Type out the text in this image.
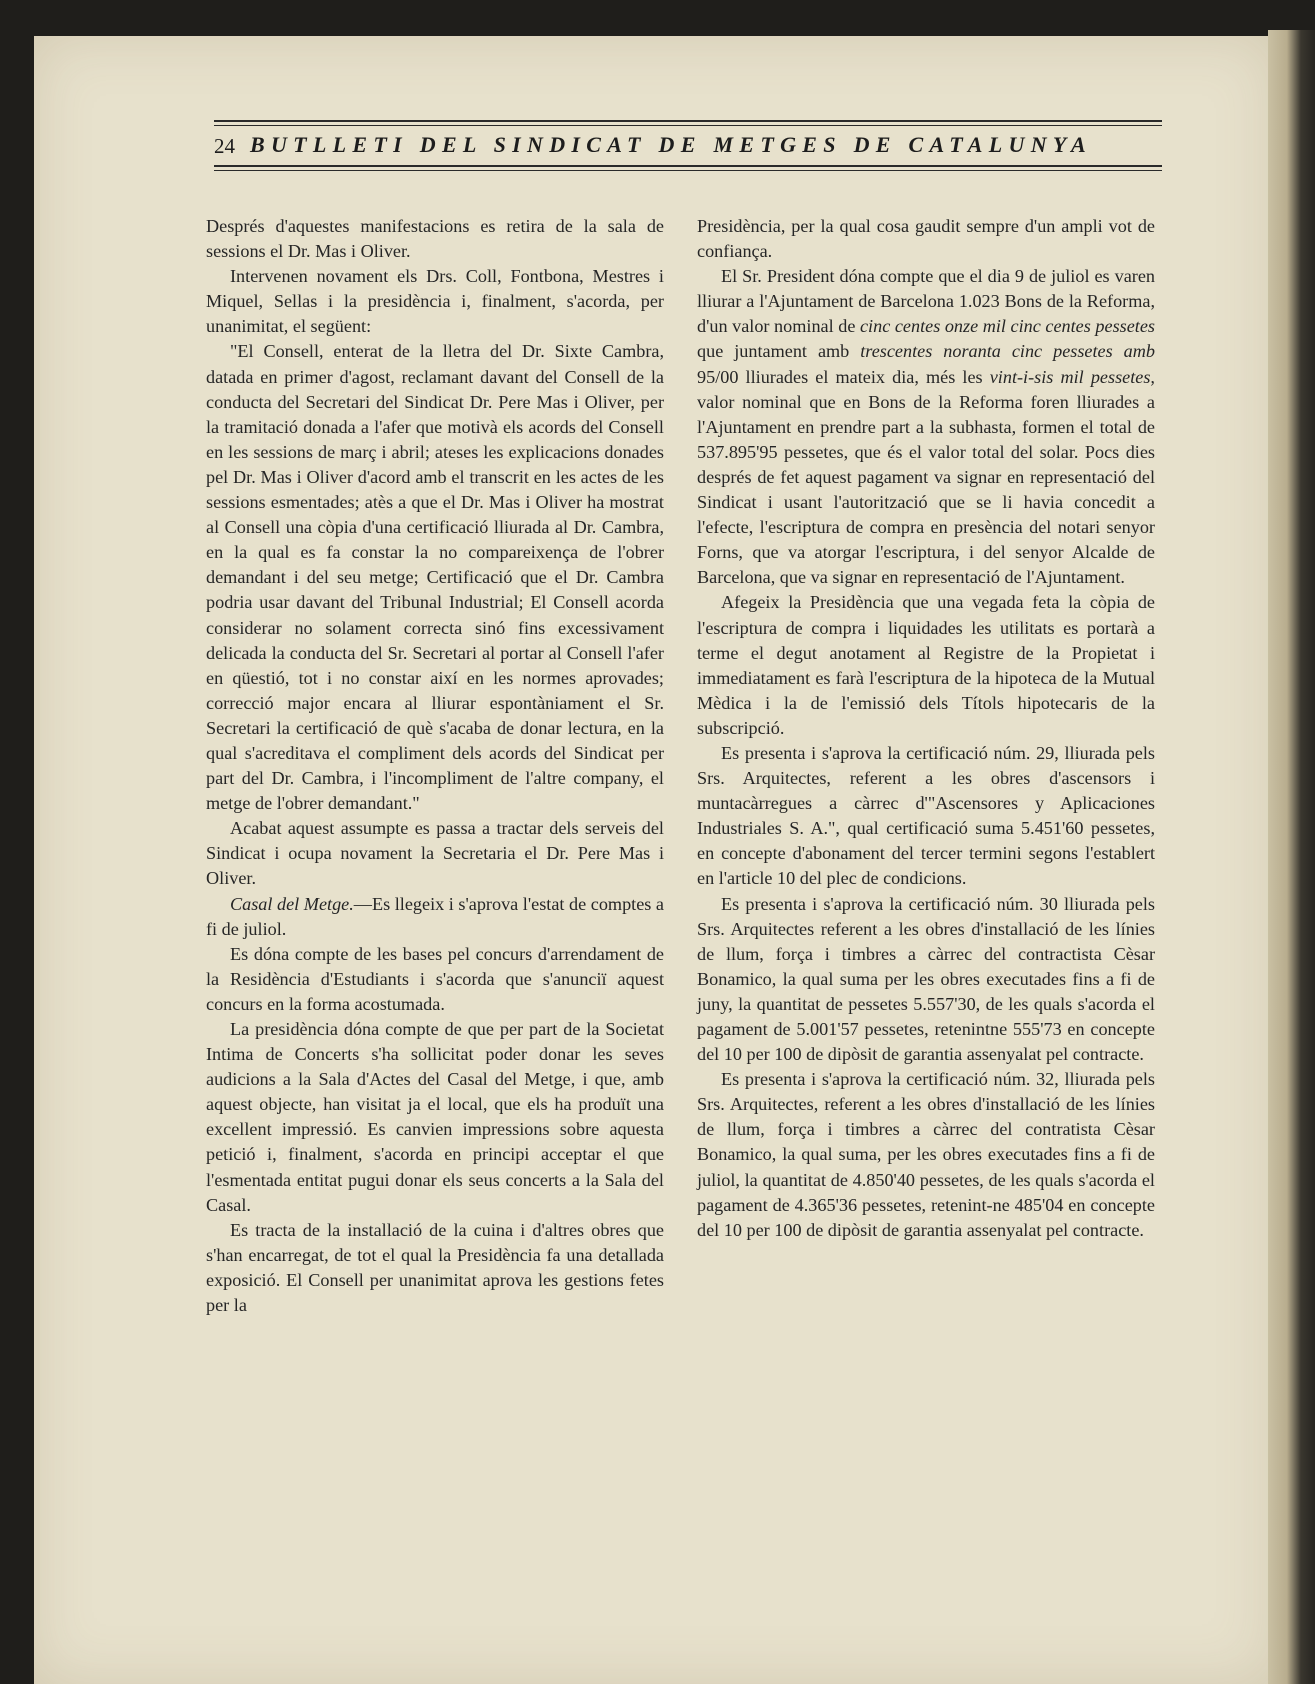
24 BUTLLETI DEL SINDICAT DE METGES DE CATALUNYA

Després d'aquestes manifestacions es retira de la sala de sessions el Dr. Mas i Oliver.

Intervenen novament els Drs. Coll, Fontbona, Mestres i Miquel, Sellas i la presidència i, finalment, s'acorda, per unanimitat, el següent:

"El Consell, enterat de la lletra del Dr. Sixte Cambra, datada en primer d'agost, reclamant davant del Consell de la conducta del Secretari del Sindicat Dr. Pere Mas i Oliver, per la tramitació donada a l'afer que motivà els acords del Consell en les sessions de març i abril; ateses les explicacions donades pel Dr. Mas i Oliver d'acord amb el transcrit en les actes de les sessions esmentades; atès a que el Dr. Mas i Oliver ha mostrat al Consell una còpia d'una certificació lliurada al Dr. Cambra, en la qual es fa constar la no compareixença de l'obrer demandant i del seu metge; Certificació que el Dr. Cambra podria usar davant del Tribunal Industrial; El Consell acorda considerar no solament correcta sinó fins excessivament delicada la conducta del Sr. Secretari al portar al Consell l'afer en qüestió, tot i no constar així en les normes aprovades; correcció major encara al lliurar espontàniament el Sr. Secretari la certificació de què s'acaba de donar lectura, en la qual s'acreditava el compliment dels acords del Sindicat per part del Dr. Cambra, i l'incompliment de l'altre company, el metge de l'obrer demandant."

Acabat aquest assumpte es passa a tractar dels serveis del Sindicat i ocupa novament la Secretaria el Dr. Pere Mas i Oliver.

Casal del Metge.—Es llegeix i s'aprova l'estat de comptes a fi de juliol.

Es dóna compte de les bases pel concurs d'arrendament de la Residència d'Estudiants i s'acorda que s'anunciï aquest concurs en la forma acostumada.

La presidència dóna compte de que per part de la Societat Intima de Concerts s'ha sollicitat poder donar les seves audicions a la Sala d'Actes del Casal del Metge, i que, amb aquest objecte, han visitat ja el local, que els ha produït una excellent impressió. Es canvien impressions sobre aquesta petició i, finalment, s'acorda en principi acceptar el que l'esmentada entitat pugui donar els seus concerts a la Sala del Casal.

Es tracta de la installació de la cuina i d'altres obres que s'han encarregat, de tot el qual la Presidència fa una detallada exposició. El Consell per unanimitat aprova les gestions fetes per la

Presidència, per la qual cosa gaudit sempre d'un ampli vot de confiança.

El Sr. President dóna compte que el dia 9 de juliol es varen lliurar a l'Ajuntament de Barcelona 1.023 Bons de la Reforma, d'un valor nominal de cinc centes onze mil cinc centes pessetes que juntament amb trescentes noranta cinc pessetes amb 95/00 lliurades el mateix dia, més les vint-i-sis mil pessetes, valor nominal que en Bons de la Reforma foren lliurades a l'Ajuntament en prendre part a la subhasta, formen el total de 537.895'95 pessetes, que és el valor total del solar. Pocs dies després de fet aquest pagament va signar en representació del Sindicat i usant l'autorització que se li havia concedit a l'efecte, l'escriptura de compra en presència del notari senyor Forns, que va atorgar l'escriptura, i del senyor Alcalde de Barcelona, que va signar en representació de l'Ajuntament.

Afegeix la Presidència que una vegada feta la còpia de l'escriptura de compra i liquidades les utilitats es portarà a terme el degut anotament al Registre de la Propietat i immediatament es farà l'escriptura de la hipoteca de la Mutual Mèdica i la de l'emissió dels Títols hipotecaris de la subscripció.

Es presenta i s'aprova la certificació núm. 29, lliurada pels Srs. Arquitectes, referent a les obres d'ascensors i muntacàrregues a càrrec d'"Ascensores y Aplicaciones Industriales S. A.", qual certificació suma 5.451'60 pessetes, en concepte d'abonament del tercer termini segons l'establert en l'article 10 del plec de condicions.

Es presenta i s'aprova la certificació núm. 30 lliurada pels Srs. Arquitectes referent a les obres d'installació de les línies de llum, força i timbres a càrrec del contractista Cèsar Bonamico, la qual suma per les obres executades fins a fi de juny, la quantitat de pessetes 5.557'30, de les quals s'acorda el pagament de 5.001'57 pessetes, retenintne 555'73 en concepte del 10 per 100 de dipòsit de garantia assenyalat pel contracte.

Es presenta i s'aprova la certificació núm. 32, lliurada pels Srs. Arquitectes, referent a les obres d'installació de les línies de llum, força i timbres a càrrec del contratista Cèsar Bonamico, la qual suma, per les obres executades fins a fi de juliol, la quantitat de 4.850'40 pessetes, de les quals s'acorda el pagament de 4.365'36 pessetes, retenint-ne 485'04 en concepte del 10 per 100 de dipòsit de garantia assenyalat pel contracte.
